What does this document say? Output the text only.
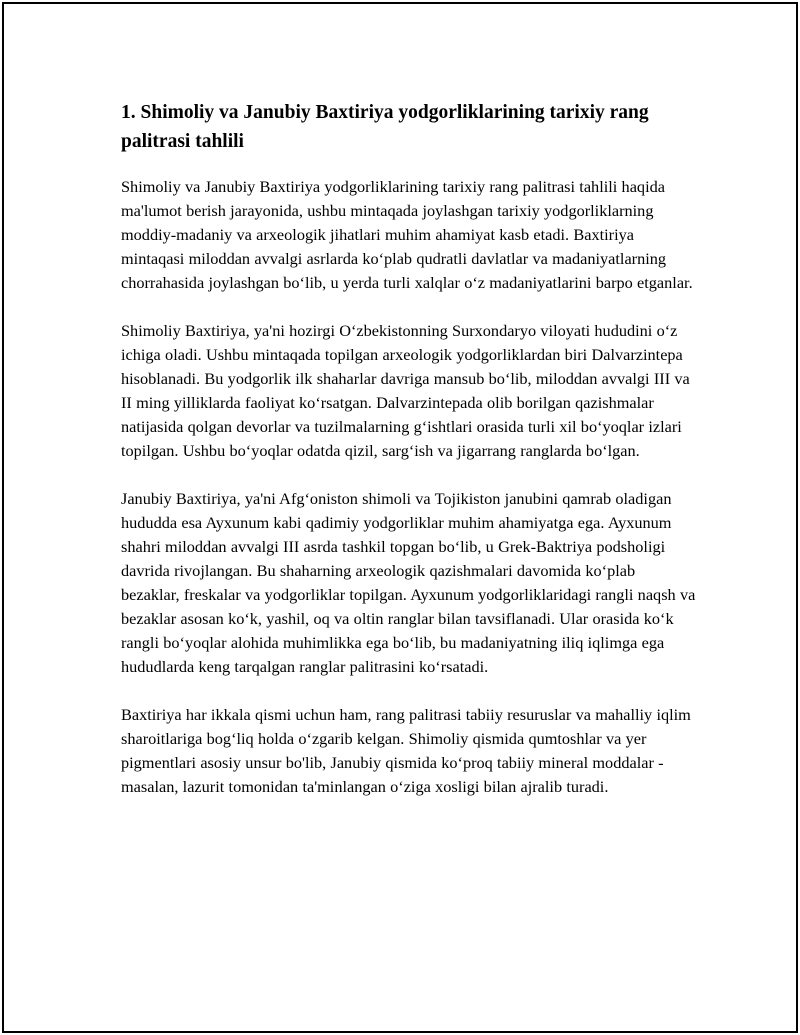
1. Shimoliy va Janubiy Baxtiriya yodgorliklarining tarixiy rang palitrasi tahlili

Shimoliy va Janubiy Baxtiriya yodgorliklarining tarixiy rang palitrasi tahlili haqida ma'lumot berish jarayonida, ushbu mintaqada joylashgan tarixiy yodgorliklarning moddiy-madaniy va arxeologik jihatlari muhim ahamiyat kasb etadi. Baxtiriya mintaqasi miloddan avvalgi asrlarda ko‘plab qudratli davlatlar va madaniyatlarning chorrahasida joylashgan bo‘lib, u yerda turli xalqlar o‘z madaniyatlarini barpo etganlar.

Shimoliy Baxtiriya, ya'ni hozirgi O‘zbekistonning Surxondaryo viloyati hududini o‘z ichiga oladi. Ushbu mintaqada topilgan arxeologik yodgorliklardan biri Dalvarzintepa hisoblanadi. Bu yodgorlik ilk shaharlar davriga mansub bo‘lib, miloddan avvalgi III va II ming yilliklarda faoliyat ko‘rsatgan. Dalvarzintepada olib borilgan qazishmalar natijasida qolgan devorlar va tuzilmalarning g‘ishtlari orasida turli xil bo‘yoqlar izlari topilgan. Ushbu bo‘yoqlar odatda qizil, sarg‘ish va jigarrang ranglarda bo‘lgan.

Janubiy Baxtiriya, ya'ni Afg‘oniston shimoli va Tojikiston janubini qamrab oladigan hududda esa Ayxunum kabi qadimiy yodgorliklar muhim ahamiyatga ega. Ayxunum shahri miloddan avvalgi III asrda tashkil topgan bo‘lib, u Grek-Baktriya podsholigi davrida rivojlangan. Bu shaharning arxeologik qazishmalari davomida ko‘plab bezaklar, freskalar va yodgorliklar topilgan. Ayxunum yodgorliklaridagi rangli naqsh va bezaklar asosan ko‘k, yashil, oq va oltin ranglar bilan tavsiflanadi. Ular orasida ko‘k rangli bo‘yoqlar alohida muhimlikka ega bo‘lib, bu madaniyatning iliq iqlimga ega hududlarda keng tarqalgan ranglar palitrasini ko‘rsatadi.

Baxtiriya har ikkala qismi uchun ham, rang palitrasi tabiiy resuruslar va mahalliy iqlim sharoitlariga bog‘liq holda o‘zgarib kelgan. Shimoliy qismida qumtoshlar va yer pigmentlari asosiy unsur bo'lib, Janubiy qismida ko‘proq tabiiy mineral moddalar - masalan, lazurit tomonidan ta'minlangan o‘ziga xosligi bilan ajralib turadi.
